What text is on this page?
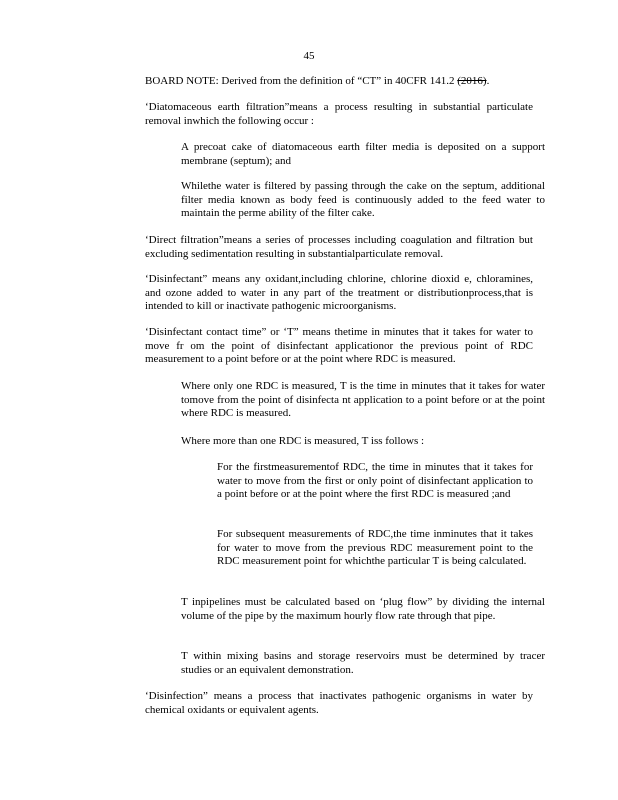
45

BOARD NOTE: Derived from the definition of “CT” in 40CFR 141.2 (2016).

‘Diatomaceous earth filtration”means a process resulting in substantial particulate removal inwhich the following occur :

A precoat cake of diatomaceous earth filter media is deposited on a support membrane (septum); and

Whilethe water is filtered by passing through the cake on the septum, additional filter media known as body feed is continuously added to the feed water to maintain the perme ability of the filter cake.

‘Direct filtration”means a series of processes including coagulation and filtration but excluding sedimentation resulting in substantialparticulate removal.

‘Disinfectant” means any oxidant,including chlorine, chlorine dioxid e, chloramines, and ozone added to water in any part of the treatment or distributionprocess,that is intended to kill or inactivate pathogenic microorganisms.

‘Disinfectant contact time” or ‘T” means thetime in minutes that it takes for water to move fr om the point of disinfectant applicationor the previous point of RDC measurement to a point before or at the point where RDC is measured.

Where only one RDC is measured, T is the time in minutes that it takes for water tomove from the point of disinfecta nt application to a point before or at the point where RDC is measured.

Where more than one RDC is measured, T iss follows :

For the firstmeasurementof RDC, the time in minutes that it takes for water to move from the first or only point of disinfectant application to a point before or at the point where the first RDC is measured ;and

For subsequent measurements of RDC,the time inminutes that it takes for water to move from the previous RDC measurement point to the RDC measurement point for whichthe particular T is being calculated.

T inpipelines must be calculated based on ‘plug flow” by dividing the internal volume of the pipe by the maximum hourly flow rate through that pipe.

T within mixing basins and storage reservoirs must be determined by tracer studies or an equivalent demonstration.

‘Disinfection” means a process that inactivates pathogenic organisms in water by chemical oxidants or equivalent agents.
